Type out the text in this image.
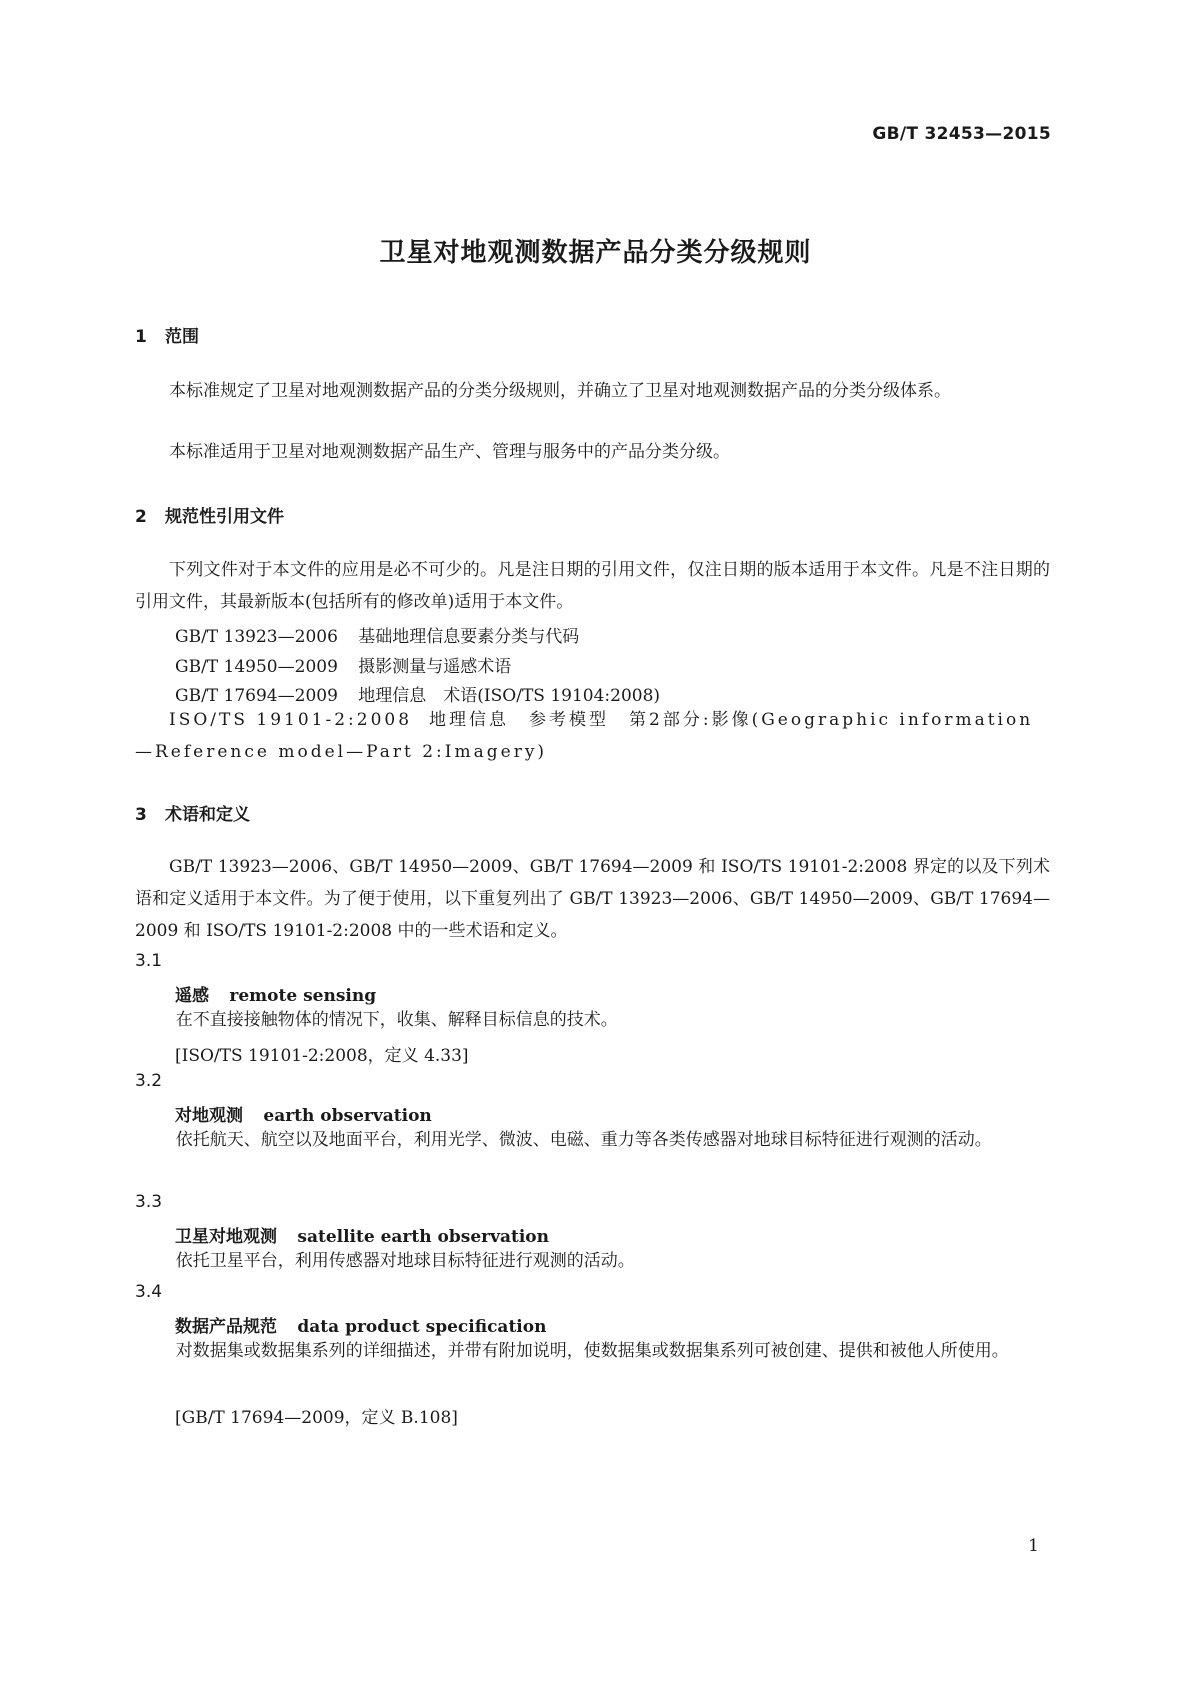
GB/T 32453—2015
卫星对地观测数据产品分类分级规则
1 范围
本标准规定了卫星对地观测数据产品的分类分级规则，并确立了卫星对地观测数据产品的分类分级体系。
本标准适用于卫星对地观测数据产品生产、管理与服务中的产品分类分级。
2 规范性引用文件
下列文件对于本文件的应用是必不可少的。凡是注日期的引用文件，仅注日期的版本适用于本文件。凡是不注日期的引用文件，其最新版本(包括所有的修改单)适用于本文件。
GB/T 13923—2006 基础地理信息要素分类与代码
GB/T 14950—2009 摄影测量与遥感术语
GB/T 17694—2009 地理信息　术语(ISO/TS 19104:2008)
ISO/TS 19101-2:2008　 地理信息　参考模型　第2部分:影像(Geographic information—Reference model—Part 2:Imagery)
3 术语和定义
GB/T 13923—2006、GB/T 14950—2009、GB/T 17694—2009 和 ISO/TS 19101-2:2008 界定的以及下列术语和定义适用于本文件。为了便于使用，以下重复列出了 GB/T 13923—2006、GB/T 14950—2009、GB/T 17694—2009 和 ISO/TS 19101-2:2008 中的一些术语和定义。
3.1
遥感 remote sensing
在不直接接触物体的情况下，收集、解释目标信息的技术。
[ISO/TS 19101-2:2008，定义 4.33]
3.2
对地观测 earth observation
依托航天、航空以及地面平台，利用光学、微波、电磁、重力等各类传感器对地球目标特征进行观测的活动。
3.3
卫星对地观测 satellite earth observation
依托卫星平台，利用传感器对地球目标特征进行观测的活动。
3.4
数据产品规范 data product specification
对数据集或数据集系列的详细描述，并带有附加说明，使数据集或数据集系列可被创建、提供和被他人所使用。
[GB/T 17694—2009，定义 B.108]
1
